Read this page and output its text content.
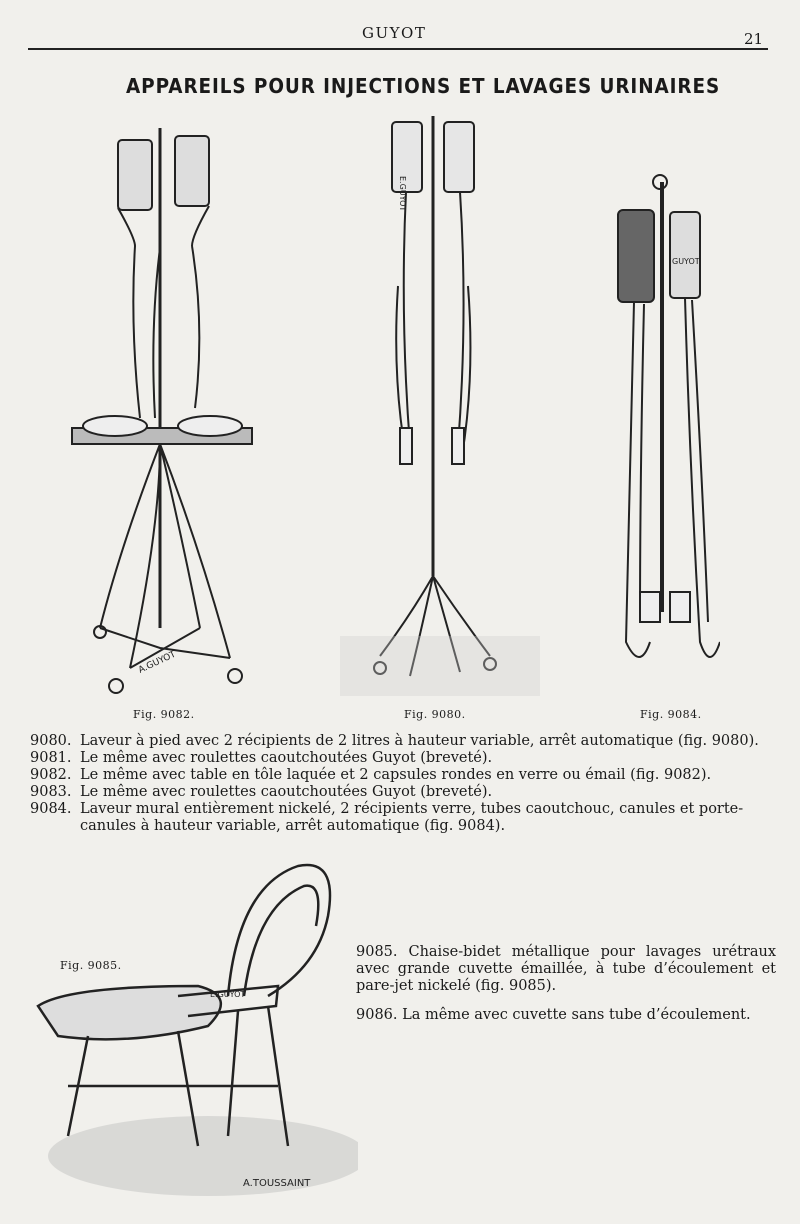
GUYOT	21
APPAREILS POUR INJECTIONS ET LAVAGES URINAIRES
A.GUYOT
Fig. 9082.
E.GUYOT
Fig. 9080.
GUYOT
Fig. 9084.
9080. Laveur à pied avec 2 récipients de 2 litres à hauteur variable, arrêt automatique (fig. 9080).
9081. Le même avec roulettes caoutchoutées Guyot (breveté).
9082. Le même avec table en tôle laquée et 2 capsules rondes en verre ou émail (fig. 9082).
9083. Le même avec roulettes caoutchoutées Guyot (breveté).
9084. Laveur mural entièrement nickelé, 2 récipients verre, tubes caoutchouc, canules et porte-canules à hauteur variable, arrêt automatique (fig. 9084).
E.GUYOT
A.TOUSSAINT
Fig. 9085.

9085. Chaise-bidet métallique pour lavages urétraux avec grande cuvette émaillée, à tube d’écoulement et pare-jet nickelé (fig. 9085).

9086. La même avec cuvette sans tube d’écoulement.
